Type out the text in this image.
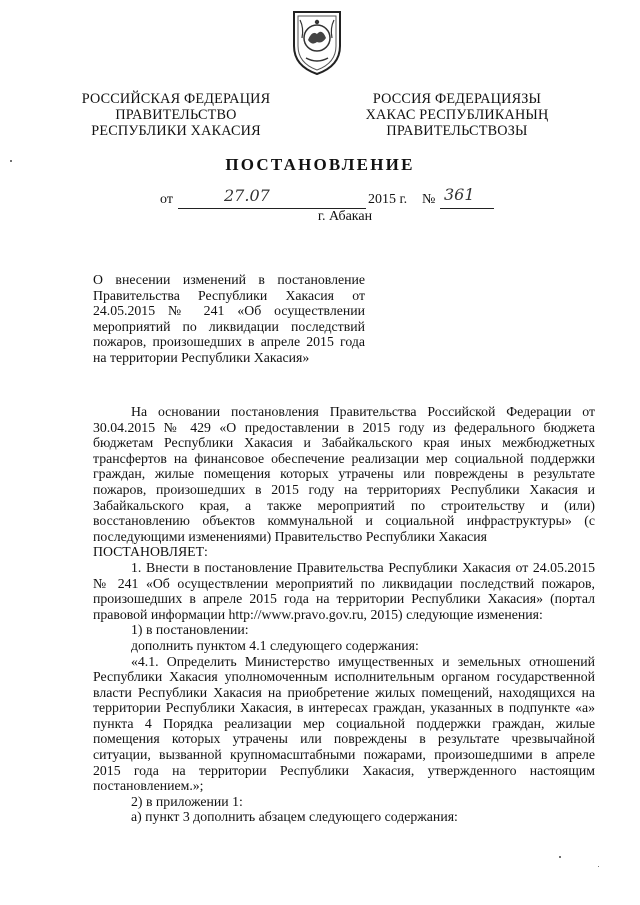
РОССИЙСКАЯ ФЕДЕРАЦИЯ
ПРАВИТЕЛЬСТВО
РЕСПУБЛИКИ ХАКАСИЯ
РОССИЯ ФЕДЕРАЦИЯЗЫ
ХАКАС РЕСПУБЛИКАНЫҢ
ПРАВИТЕЛЬСТВОЗЫ
ПОСТАНОВЛЕНИЕ
от	27.07	2015 г. № 361
г. Абакан
О внесении изменений в постановление Правительства Республики Хакасия от 24.05.2015 № 241 «Об осуществлении мероприятий по ликвидации последствий пожаров, произошедших в апреле 2015 года на территории Республики Хакасия»

На основании постановления Правительства Российской Федерации от 30.04.2015 № 429 «О предоставлении в 2015 году из федерального бюджета бюджетам Республики Хакасия и Забайкальского края иных межбюджетных трансфертов на финансовое обеспечение реализации мер социальной поддержки граждан, жилые помещения которых утрачены или повреждены в результате пожаров, произошедших в 2015 году на территориях Республики Хакасия и Забайкальского края, а также мероприятий по строительству и (или) восстановлению объектов коммунальной и социальной инфраструктуры» (с последующими изменениями) Правительство Республики Хакасия

ПОСТАНОВЛЯЕТ:

1. Внести в постановление Правительства Республики Хакасия от 24.05.2015 № 241 «Об осуществлении мероприятий по ликвидации последствий пожаров, произошедших в апреле 2015 года на территории Республики Хакасия» (портал правовой информации http://www.pravo.gov.ru, 2015) следующие изменения:

1) в постановлении:

дополнить пунктом 4.1 следующего содержания:

«4.1. Определить Министерство имущественных и земельных отношений Республики Хакасия уполномоченным исполнительным органом государственной власти Республики Хакасия на приобретение жилых помещений, находящихся на территории Республики Хакасия, в интересах граждан, указанных в подпункте «а» пункта 4 Порядка реализации мер социальной поддержки граждан, жилые помещения которых утрачены или повреждены в результате чрезвычайной ситуации, вызванной крупномасштабными пожарами, произошедшими в апреле 2015 года на территории Республики Хакасия, утвержденного настоящим постановлением.»;

2) в приложении 1:

а) пункт 3 дополнить абзацем следующего содержания:
